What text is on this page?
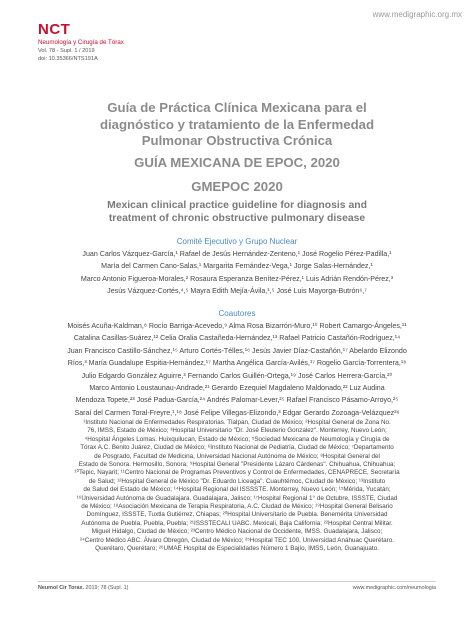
www.medigraphic.org.mx
NCT
Neumología y Cirugía de Tórax
Vol. 78 - Supl. 1 / 2019
doi: 10.35366/NTS191A
Guía de Práctica Clínica Mexicana para el
diagnóstico y tratamiento de la Enfermedad
Pulmonar Obstructiva Crónica
GUÍA MEXICANA DE EPOC, 2020
GMEPOC 2020
Mexican clinical practice guideline for diagnosis and
treatment of chronic obstructive pulmonary disease
Comité Ejecutivo y Grupo Nuclear
Juan Carlos Vázquez-García,¹ Rafael de Jesús Hernández-Zenteno,¹ José Rogelio Pérez-Padilla,¹
María del Carmen Cano-Salas,¹ Margarita Fernández-Vega,¹ Jorge Salas-Hernández,¹
Marco Antonio Figueroa-Morales,² Rosaura Esperanza Benítez-Pérez,¹ Luis Adrián Rendón-Pérez,³
Jesús Vázquez-Cortés,⁴,⁵ Mayra Edith Mejía-Ávila,¹,⁵ José Luis Mayorga-Butrón⁶,⁷
Coautores
Moisés Acuña-Kaldman,⁸ Rocío Barriga-Acevedo,⁹ Alma Rosa Bizarrón-Muro,¹⁰ Robert Camargo-Ángeles,¹¹
Catalina Casillas-Suárez,¹² Celia Oralia Castañeda-Hernández,¹³ Rafael Patricio Castañón-Rodríguez,¹⁴
Juan Francisco Castillo-Sánchez,¹⁵ Arturo Cortés-Télles,¹⁶ Jesús Javier Díaz-Castañón,¹⁷ Abelardo Elizondo
Ríos,³ María Guadalupe Espitia-Hernández,¹⁷ Martha Angélica García-Avilés,¹⁷ Rogelio García-Torrentera,¹⁸
Julio Edgardo González Aguirre,³ Fernando Carlos Guillén-Ortega,¹⁹ José Carlos Herrera-García,²⁰
Marco Antonio Loustaunau-Andrade,²¹ Gerardo Ezequiel Magdaleno Maldonado,²² Luz Audina
Mendoza Topete,²³ José Padua-García,²⁴ Andrés Palomar-Lever,²⁵ Rafael Francisco Pásamo-Arroyo,²⁵
Saraí del Carmen Toral-Freyre,¹,¹⁸ José Felipe Villegas-Elizondo,³ Edgar Gerardo Zozoaga-Velázquez²⁶
¹Instituto Nacional de Enfermedades Respiratorias. Tlalpan, Ciudad de México; ²Hospital General de Zona No.
76, IMSS, Estado de México; ³Hospital Universitario "Dr. José Eleuterio Gonzalez". Monterrey, Nuevo León;
⁴Hospital Ángeles Lomas. Huixquilucan, Estado de México; ⁵Sociedad Mexicana de Neumología y Cirugía de
Tórax A.C. Benito Juárez, Ciudad de México; ⁶Instituto Nacional de Pediatría, Ciudad de México; ⁷Departamento
de Posgrado, Facultad de Medicina, Universidad Nacional Autónoma de México; ⁸Hospital General del
Estado de Sonora. Hermosillo, Sonora; ⁹Hospital General "Presidente Lázaro Cárdenas". Chihuahua, Chihuahua;
¹⁰Tepic, Nayarit; ¹¹Centro Nacional de Programas Preventivos y Control de Enfermedades, CENAPRECE, Secretaría
de Salud; ¹²Hospital General de México "Dr. Eduardo Liceaga". Cuauhtémoc, Ciudad de México; ¹³Instituto
de Salud del Estado de México; ¹⁴Hospital Regional del ISSSSTE. Monterrey, Nuevo León; ¹⁵Mérida, Yucatán;
¹⁶Universidad Autónoma de Guadalajara. Guadalajara, Jalisco; ¹⁷Hospital Regional 1° de Octubre, ISSSTE, Ciudad
de México; ¹⁸Asociación Mexicana de Terapia Respiratoria, A.C. Ciudad de México; ¹⁹Hospital General Belisario
Domínguez, ISSSTE, Tuxtla Gutiérrez, Chiapas; ²⁰Hospital Universitario de Puebla. Benemérita Universidad
Autónoma de Puebla. Puebla, Puebla; ²¹ISSSTECALI UABC. Mexicali, Baja California; ²²Hospital Central Militar.
Miguel Hidalgo, Ciudad de México; ²³Centro Médico Nacional de Occidente, IMSS. Guadalajara, Jalisco;
²⁴Centro Médico ABC. Álvaro Obregón, Ciudad de México; ²⁵Hospital TEC 100, Universidad Anáhuac Querétaro.
Querétaro, Querétaro; ²⁶UMAE Hospital de Especialidades Número 1 Bajío, IMSS, León, Guanajuato.
Neumol Cir Torax. 2019; 78 (Supl. 1)	www.medigraphic.com/neumologia
